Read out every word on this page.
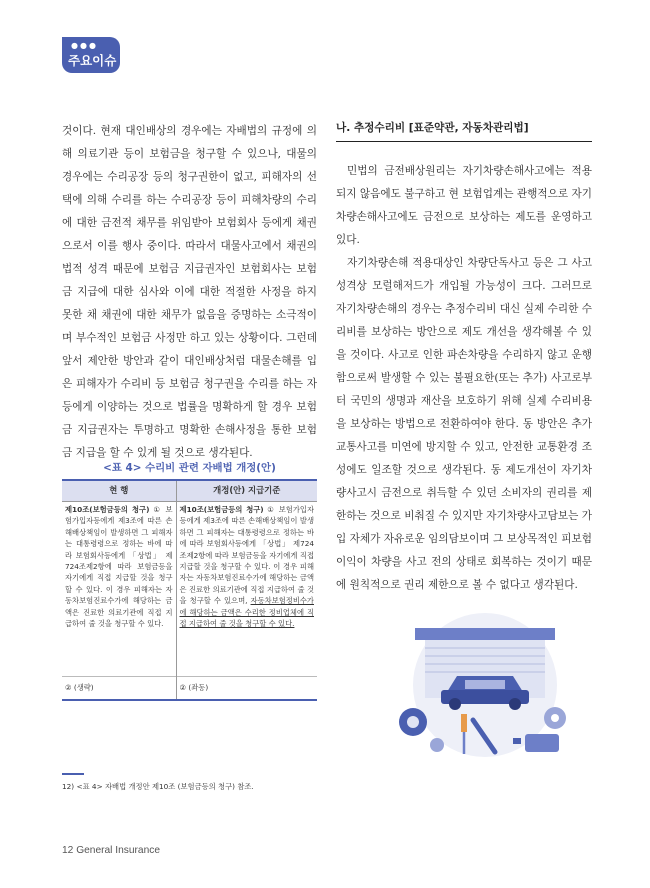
●●●
주요이슈

것이다. 현재 대인배상의 경우에는 자배법의 규정에 의해 의료기관 등이 보험금을 청구할 수 있으나, 대물의 경우에는 수리공장 등의 청구권한이 없고, 피해자의 선택에 의해 수리를 하는 수리공장 등이 피해차량의 수리에 대한 금전적 채무를 위임받아 보험회사 등에게 채권으로서 이를 행사 중이다. 따라서 대물사고에서 채권의 법적 성격 때문에 보험금 지급권자인 보험회사는 보험금 지급에 대한 심사와 이에 대한 적절한 사정을 하지 못한 채 채권에 대한 채무가 없음을 증명하는 소극적이며 부수적인 보험금 사정만 하고 있는 상황이다. 그런데 앞서 제안한 방안과 같이 대인배상처럼 대물손해를 입은 피해자가 수리비 등 보험금 청구권을 수리를 하는 자 등에게 이양하는 것으로 법률을 명확하게 할 경우 보험금 지급권자는 투명하고 명확한 손해사정을 통한 보험금 지급을 할 수 있게 될 것으로 생각된다.

<표 4> 수리비 관련 자배법 개정(안)
현 행	개정(안) 지급기준
제10조(보험금등의 청구) ① 보험가입자등에게 제3조에 따른 손해배상책임이 발생하면 그 피해자는 대통령령으로 정하는 바에 따라 보험회사등에게 「상법」 제724조제2항에 따라 보험금등을 자기에게 직접 지급할 것을 청구할 수 있다. 이 경우 피해자는 자동차보험진료수가에 해당하는 금액은 진료한 의료기관에 직접 지급하여 줄 것을 청구할 수 있다.	제10조(보험금등의 청구) ① 보험가입자등에게 제3조에 따른 손해배상책임이 발생하면 그 피해자는 대통령령으로 정하는 바에 따라 보험회사등에게 「상법」 제724조제2항에 따라 보험금등을 자기에게 직접 지급할 것을 청구할 수 있다. 이 경우 피해자는 자동차보험진료수가에 해당하는 금액은 진료한 의료기관에 직접 지급하여 줄 것을 청구할 수 있으며, 자동차보험정비수가에 해당하는 금액은 수리한 정비업체에 직접 지급하여 줄 것을 청구할 수 있다.
② (생략)	② (좌동)
나. 추정수리비 [표준약관, 자동차관리법]

민법의 금전배상원리는 자기차량손해사고에는 적용되지 않음에도 불구하고 현 보험업계는 관행적으로 자기차량손해사고에도 금전으로 보상하는 제도를 운영하고 있다.

자기차량손해 적용대상인 차량단독사고 등은 그 사고 성격상 모럴해저드가 개입될 가능성이 크다. 그러므로 자기차량손해의 경우는 추정수리비 대신 실제 수리한 수리비를 보상하는 방안으로 제도 개선을 생각해볼 수 있을 것이다. 사고로 인한 파손차량을 수리하지 않고 운행함으로써 발생할 수 있는 불필요한(또는 추가) 사고로부터 국민의 생명과 재산을 보호하기 위해 실제 수리비용을 보상하는 방법으로 전환하여야 한다. 동 방안은 추가 교통사고를 미연에 방지할 수 있고, 안전한 교통환경 조성에도 일조할 것으로 생각된다. 동 제도개선이 자기차량사고시 금전으로 취득할 수 있던 소비자의 권리를 제한하는 것으로 비춰질 수 있지만 자기차량사고담보는 가입 자체가 자유로운 임의담보이며 그 보상목적인 피보험이익이 차량을 사고 전의 상태로 회복하는 것이기 때문에 원칙적으로 권리 제한으로 볼 수 없다고 생각된다.

12) <표 4> 자배법 개정안 제10조 (보험금등의 청구) 참조.
12 General Insurance
